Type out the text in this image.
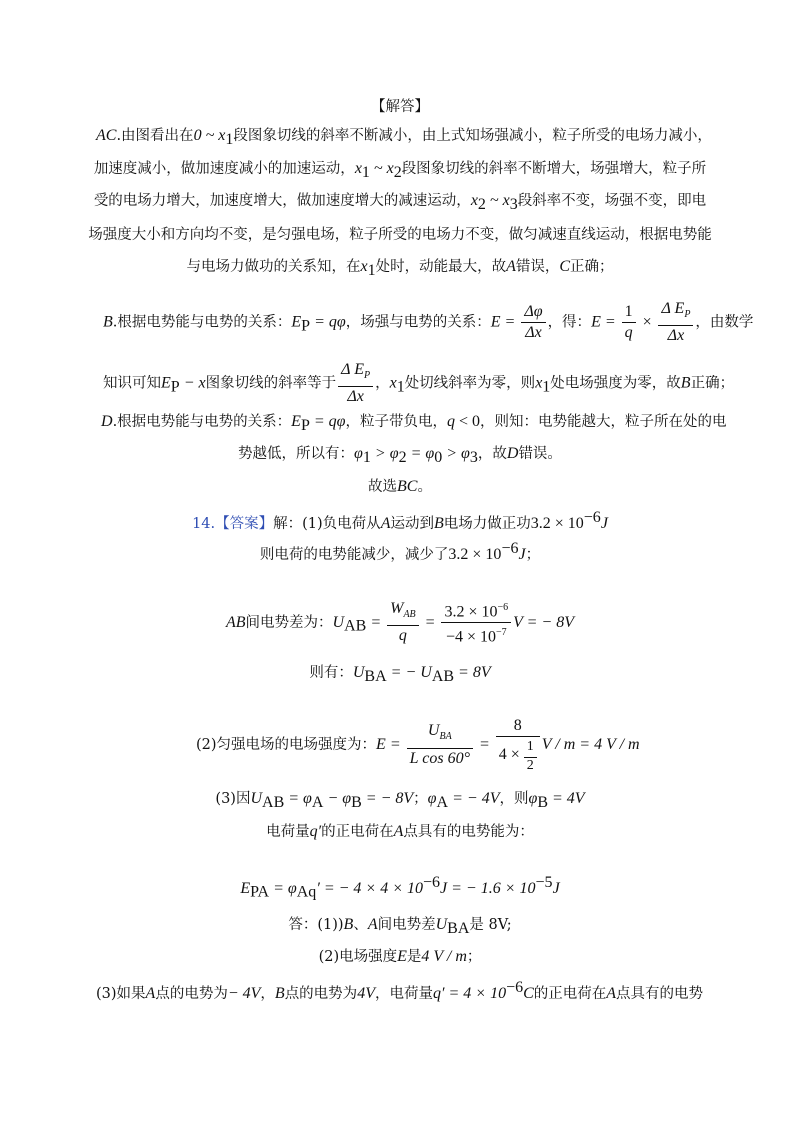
【解答】
AC.由图看出在0 ~ $x_1$段图象切线的斜率不断减小，由上式知场强减小，粒子所受的电场力减小，
加速度减小，做加速度减小的加速运动，$x_1$ ~ $x_2$段图象切线的斜率不断增大，场强增大，粒子所
受的电场力增大，加速度增大，做加速度增大的减速运动，$x_2$ ~ $x_3$段斜率不变，场强不变，即电
场强度大小和方向均不变，是匀强电场，粒子所受的电场力不变，做匀减速直线运动，根据电势能
与电场力做功的关系知，在$x_1$处时，动能最大，故A错误，C正确；
B.根据电势能与电势的关系：$E_P = q\varphi$，场强与电势的关系：$E = \frac{\Delta\varphi}{\Delta x}$ ，得：$E = \frac{1}{q} \times \frac{\Delta E_P}{\Delta x}$ ，由数学
知识可知$E_P - x$图象切线的斜率等于 $\frac{\Delta E_P}{\Delta x}$ ，$x_1$处切线斜率为零，则$x_1$处电场强度为零，故B正确；
D.根据电势能与电势的关系：$E_P = q\varphi$，粒子带负电，q < 0，则知：电势能越大，粒子所在处的电
势越低，所以有：$\varphi_1 > \varphi_2 = \varphi_0 > \varphi_3$，故D错误。
故选BC。
14.【答案】解：(1)负电荷从A运动到B电场力做正功$3.2 \times 10^{-6}J$
则电荷的电势能减少，减少了$3.2 \times 10^{-6}J$；
AB间电势差为：$U_{AB} = \frac{W_{AB}}{q} = \frac{3.2 \times 10^{-6}}{-4 \times 10^{-7}}$ V = − 8V
则有：$U_{BA}$ = − $U_{AB} = 8V$
(2)匀强电场的电场强度为：$E = \frac{U_{BA}}{\text{L cos 60°}} = \frac{8}{4 \times \frac{1}{2}}$ V / m = 4 V / m
(3)因$U_{AB} = \varphi_A - \varphi_B$ = − 8V；$\varphi_A$ = − 4V，则$\varphi_B = 4V$
电荷量q′的正电荷在A点具有的电势能为：
$E_{PA} = \varphi_{Aq}'$ = − $4 \times 4 \times 10^{-6}J$ = − $1.6 \times 10^{-5}J$
答：(1))B、A间电势差$U_{BA}$是 8V;
(2)电场强度E是4 V / m；
(3)如果A点的电势为− 4V，B点的电势为4V，电荷量$q' = 4 \times 10^{-6}C$的正电荷在A点具有的电势
